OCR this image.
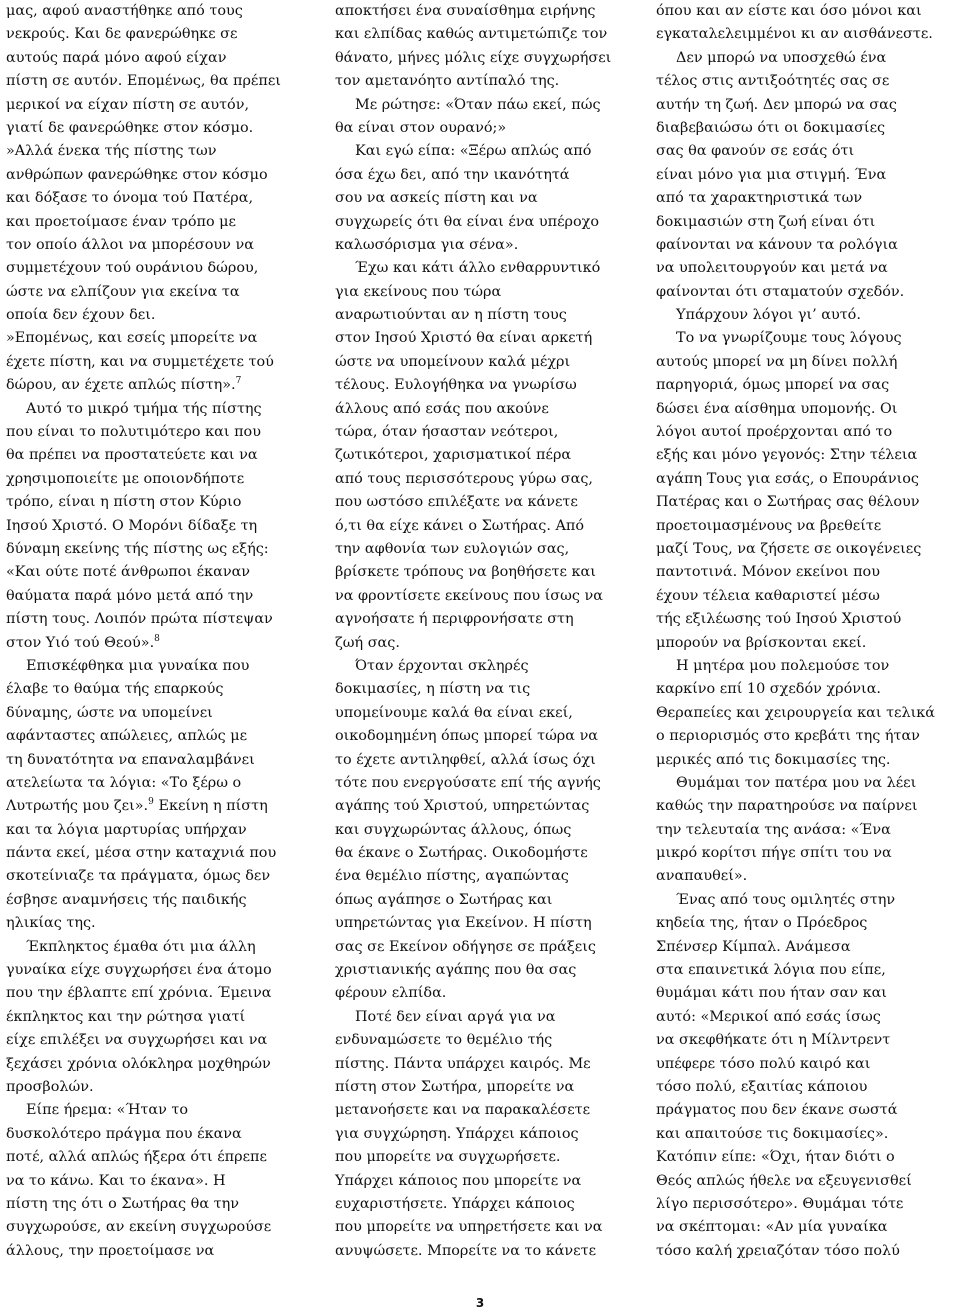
μας, αφού αναστήθηκε από τους
νεκρούς. Και δε φανερώθηκε σε
αυτούς παρά μόνο αφού είχαν
πίστη σε αυτόν. Επομένως, θα πρέπει
μερικοί να είχαν πίστη σε αυτόν,
γιατί δε φανερώθηκε στον κόσμο.
»Αλλά ένεκα τής πίστης των
ανθρώπων φανερώθηκε στον κόσμο
και δόξασε το όνομα τού Πατέρα,
και προετοίμασε έναν τρόπο με
τον οποίο άλλοι να μπορέσουν να
συμμετέχουν τού ουράνιου δώρου,
ώστε να ελπίζουν για εκείνα τα
οποία δεν έχουν δει.
»Επομένως, και εσείς μπορείτε να
έχετε πίστη, και να συμμετέχετε τού
δώρου, αν έχετε απλώς πίστη».$^7$
Αυτό το μικρό τμήμα τής πίστης
που είναι το πολυτιμότερο και που
θα πρέπει να προστατεύετε και να
χρησιμοποιείτε με οποιονδήποτε
τρόπο, είναι η πίστη στον Κύριο
Ιησού Χριστό. Ο Μορόνι δίδαξε τη
δύναμη εκείνης τής πίστης ως εξής:
«Και ούτε ποτέ άνθρωποι έκαναν
θαύματα παρά μόνο μετά από την
πίστη τους. Λοιπόν πρώτα πίστεψαν
στον Υιό τού Θεού».$^8$
Επισκέφθηκα μια γυναίκα που
έλαβε το θαύμα τής επαρκούς
δύναμης, ώστε να υπομείνει
αφάνταστες απώλειες, απλώς με
τη δυνατότητα να επαναλαμβάνει
ατελείωτα τα λόγια: «Το ξέρω ο
Λυτρωτής μου ζει».$^9$ Εκείνη η πίστη
και τα λόγια μαρτυρίας υπήρχαν
πάντα εκεί, μέσα στην καταχνιά που
σκοτείνιαζε τα πράγματα, όμως δεν
έσβησε αναμνήσεις τής παιδικής
ηλικίας της.
Έκπληκτος έμαθα ότι μια άλλη
γυναίκα είχε συγχωρήσει ένα άτομο
που την έβλαπτε επί χρόνια. Έμεινα
έκπληκτος και την ρώτησα γιατί
είχε επιλέξει να συγχωρήσει και να
ξεχάσει χρόνια ολόκληρα μοχθηρών
προσβολών.
Είπε ήρεμα: «Ήταν το
δυσκολότερο πράγμα που έκανα
ποτέ, αλλά απλώς ήξερα ότι έπρεπε
να το κάνω. Και το έκανα». Η
πίστη της ότι ο Σωτήρας θα την
συγχωρούσε, αν εκείνη συγχωρούσε
άλλους, την προετοίμασε να
αποκτήσει ένα συναίσθημα ειρήνης
και ελπίδας καθώς αντιμετώπιζε τον
θάνατο, μήνες μόλις είχε συγχωρήσει
τον αμετανόητο αντίπαλό της.
Με ρώτησε: «Όταν πάω εκεί, πώς
θα είναι στον ουρανό;»
Και εγώ είπα: «Ξέρω απλώς από
όσα έχω δει, από την ικανότητά
σου να ασκείς πίστη και να
συγχωρείς ότι θα είναι ένα υπέροχο
καλωσόρισμα για σένα».
Έχω και κάτι άλλο ενθαρρυντικό
για εκείνους που τώρα
αναρωτιούνται αν η πίστη τους
στον Ιησού Χριστό θα είναι αρκετή
ώστε να υπομείνουν καλά μέχρι
τέλους. Ευλογήθηκα να γνωρίσω
άλλους από εσάς που ακούνε
τώρα, όταν ήσασταν νεότεροι,
ζωτικότεροι, χαρισματικοί πέρα
από τους περισσότερους γύρω σας,
που ωστόσο επιλέξατε να κάνετε
ό,τι θα είχε κάνει ο Σωτήρας. Από
την αφθονία των ευλογιών σας,
βρίσκετε τρόπους να βοηθήσετε και
να φροντίσετε εκείνους που ίσως να
αγνοήσατε ή περιφρονήσατε στη
ζωή σας.
Όταν έρχονται σκληρές
δοκιμασίες, η πίστη να τις
υπομείνουμε καλά θα είναι εκεί,
οικοδομημένη όπως μπορεί τώρα να
το έχετε αντιληφθεί, αλλά ίσως όχι
τότε που ενεργούσατε επί τής αγνής
αγάπης τού Χριστού, υπηρετώντας
και συγχωρώντας άλλους, όπως
θα έκανε ο Σωτήρας. Οικοδομήστε
ένα θεμέλιο πίστης, αγαπώντας
όπως αγάπησε ο Σωτήρας και
υπηρετώντας για Εκείνον. Η πίστη
σας σε Εκείνον οδήγησε σε πράξεις
χριστιανικής αγάπης που θα σας
φέρουν ελπίδα.
Ποτέ δεν είναι αργά για να
ενδυναμώσετε το θεμέλιο τής
πίστης. Πάντα υπάρχει καιρός. Με
πίστη στον Σωτήρα, μπορείτε να
μετανοήσετε και να παρακαλέσετε
για συγχώρηση. Υπάρχει κάποιος
που μπορείτε να συγχωρήσετε.
Υπάρχει κάποιος που μπορείτε να
ευχαριστήσετε. Υπάρχει κάποιος
που μπορείτε να υπηρετήσετε και να
ανυψώσετε. Μπορείτε να το κάνετε
όπου και αν είστε και όσο μόνοι και
εγκαταλελειμμένοι κι αν αισθάνεστε.
Δεν μπορώ να υποσχεθώ ένα
τέλος στις αντιξοότητές σας σε
αυτήν τη ζωή. Δεν μπορώ να σας
διαβεβαιώσω ότι οι δοκιμασίες
σας θα φανούν σε εσάς ότι
είναι μόνο για μια στιγμή. Ένα
από τα χαρακτηριστικά των
δοκιμασιών στη ζωή είναι ότι
φαίνονται να κάνουν τα ρολόγια
να υπολειτουργούν και μετά να
φαίνονται ότι σταματούν σχεδόν.
Υπάρχουν λόγοι γι’ αυτό.
Το να γνωρίζουμε τους λόγους
αυτούς μπορεί να μη δίνει πολλή
παρηγοριά, όμως μπορεί να σας
δώσει ένα αίσθημα υπομονής. Οι
λόγοι αυτοί προέρχονται από το
εξής και μόνο γεγονός: Στην τέλεια
αγάπη Τους για εσάς, ο Επουράνιος
Πατέρας και ο Σωτήρας σας θέλουν
προετοιμασμένους να βρεθείτε
μαζί Τους, να ζήσετε σε οικογένειες
παντοτινά. Μόνον εκείνοι που
έχουν τέλεια καθαριστεί μέσω
τής εξιλέωσης τού Ιησού Χριστού
μπορούν να βρίσκονται εκεί.
Η μητέρα μου πολεμούσε τον
καρκίνο επί 10 σχεδόν χρόνια.
Θεραπείες και χειρουργεία και τελικά
ο περιορισμός στο κρεβάτι της ήταν
μερικές από τις δοκιμασίες της.
Θυμάμαι τον πατέρα μου να λέει
καθώς την παρατηρούσε να παίρνει
την τελευταία της ανάσα: «Ένα
μικρό κορίτσι πήγε σπίτι του να
αναπαυθεί».
Ένας από τους ομιλητές στην
κηδεία της, ήταν ο Πρόεδρος
Σπένσερ Κίμπαλ. Ανάμεσα
στα επαινετικά λόγια που είπε,
θυμάμαι κάτι που ήταν σαν και
αυτό: «Μερικοί από εσάς ίσως
να σκεφθήκατε ότι η Μίλντρεντ
υπέφερε τόσο πολύ καιρό και
τόσο πολύ, εξαιτίας κάποιου
πράγματος που δεν έκανε σωστά
και απαιτούσε τις δοκιμασίες».
Κατόπιν είπε: «Όχι, ήταν διότι ο
Θεός απλώς ήθελε να εξευγενισθεί
λίγο περισσότερο». Θυμάμαι τότε
να σκέπτομαι: «Αν μία γυναίκα
τόσο καλή χρειαζόταν τόσο πολύ
3
